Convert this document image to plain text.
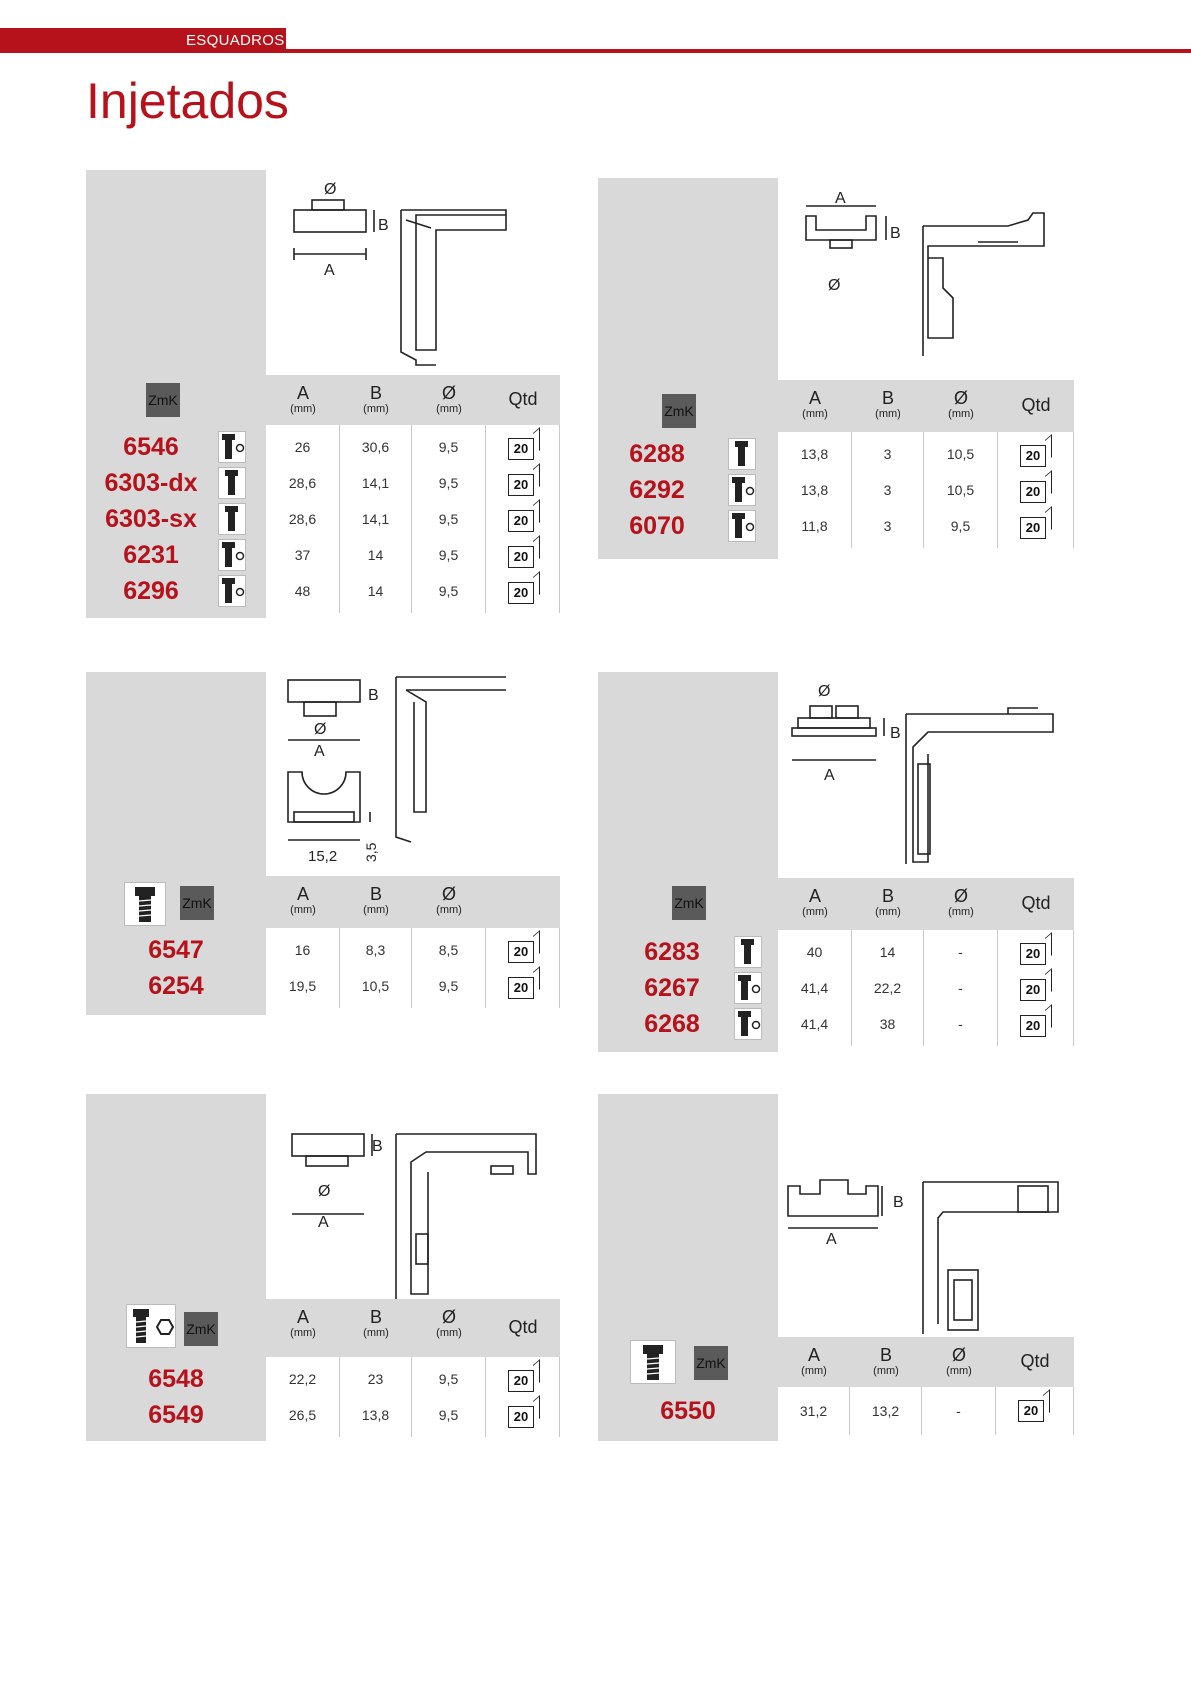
ESQUADROS
Injetados
Ø
B
A
ZmK	A
(mm)
B
(mm)
Ø
(mm)	Qtd
6546	26	30,6	9,5	20
6303-dx	28,6	14,1	9,5	20
6303-sx	28,6	14,1	9,5	20
6231	37	14	9,5	20
6296	48	14	9,5	20
A
B
Ø
A
(mm)
B
(mm)
Ø
(mm)	Qtd
ZmK
6288	13,8	3	10,5	20
6292	13,8	3	10,5	20
6070	11,8	3	9,5	20
B
Ø
A
15,2 3,5
A
(mm)
B
(mm)
Ø
(mm)
ZmK
6547	16	8,3	8,5	20
6254	19,5	10,5	9,5	20
Ø
B
A
A
(mm)
B
(mm)
Ø
(mm)	Qtd
ZmK
6283	40	14	-	20
6267	41,4	22,2	-	20
6268	41,4	38	-	20
B
Ø
A
A
(mm)
B
(mm)
Ø
(mm)	Qtd
ZmK
6548	22,2	23	9,5	20
6549	26,5	13,8	9,5	20
B
A
A
(mm)
B
(mm)
Ø
(mm)	Qtd
ZmK
6550	31,2	13,2	-	20
